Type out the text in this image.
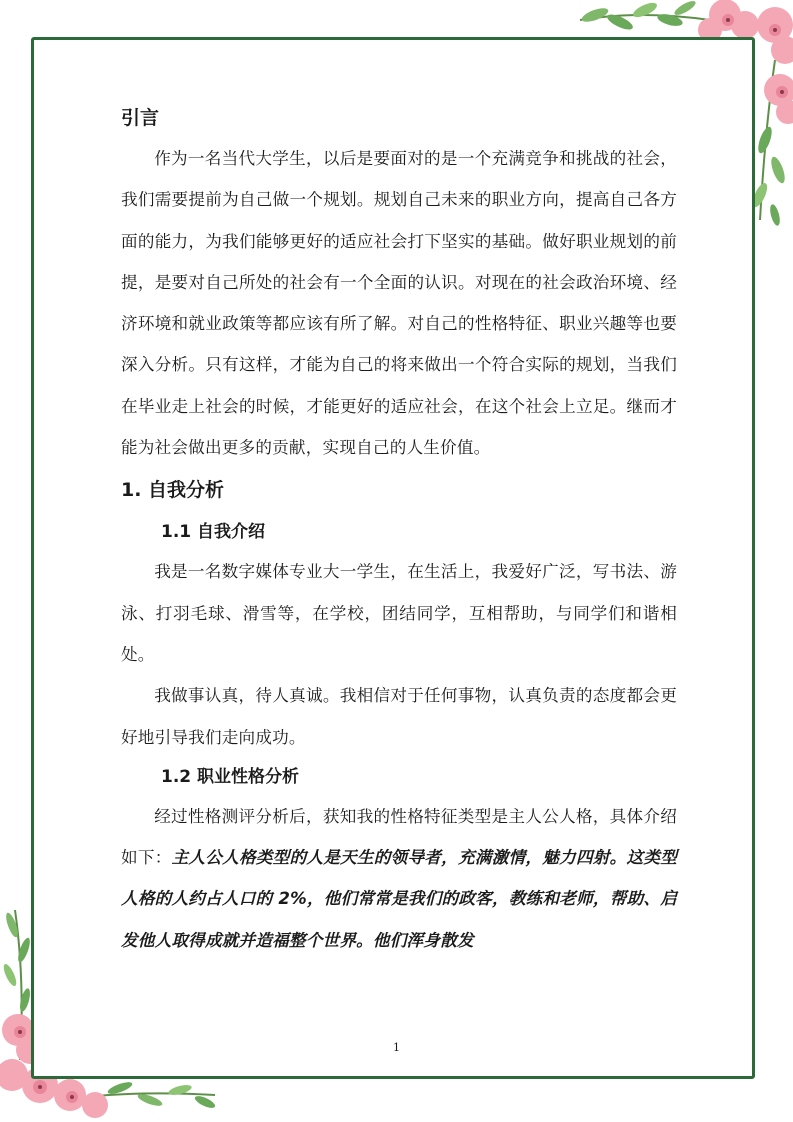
引言

作为一名当代大学生，以后是要面对的是一个充满竞争和挑战的社会，我们需要提前为自己做一个规划。规划自己未来的职业方向，提高自己各方面的能力，为我们能够更好的适应社会打下坚实的基础。做好职业规划的前提，是要对自己所处的社会有一个全面的认识。对现在的社会政治环境、经济环境和就业政策等都应该有所了解。对自己的性格特征、职业兴趣等也要深入分析。只有这样，才能为自己的将来做出一个符合实际的规划，当我们在毕业走上社会的时候，才能更好的适应社会，在这个社会上立足。继而才能为社会做出更多的贡献，实现自己的人生价值。

1. 自我分析
1.1 自我介绍

我是一名数字媒体专业大一学生，在生活上，我爱好广泛，写书法、游泳、打羽毛球、滑雪等，在学校，团结同学，互相帮助，与同学们和谐相处。

我做事认真，待人真诚。我相信对于任何事物，认真负责的态度都会更好地引导我们走向成功。

1.2 职业性格分析

经过性格测评分析后，获知我的性格特征类型是主人公人格，具体介绍如下：主人公人格类型的人是天生的领导者，充满激情，魅力四射。这类型人格的人约占人口的 2%，他们常常是我们的政客，教练和老师，帮助、启发他人取得成就并造福整个世界。他们浑身散发

1
